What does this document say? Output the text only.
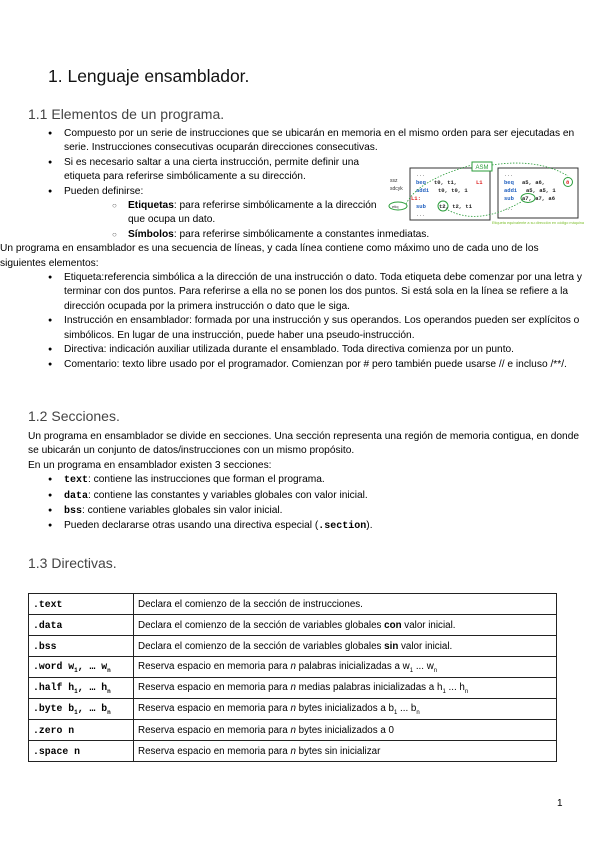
1. Lenguaje ensamblador.
1.1 Elementos de un programa.
● Compuesto por un serie de instrucciones que se ubicarán en memoria en el mismo orden para ser ejecutadas en serie. Instrucciones consecutivas ocuparán direcciones consecutivas.
● Si es necesario saltar a una cierta instrucción, permite definir una etiqueta para referirse simbólicamente a su dirección.
● Pueden definirse:
○ Etiquetas: para referirse simbólicamente a la dirección que ocupa un dato.
○ Símbolos: para referirse simbólicamente a constantes inmediatas.
Un programa en ensamblador es una secuencia de líneas, y cada línea contiene como máximo uno de cada uno de los siguientes elementos:
● Etiqueta:referencia simbólica a la dirección de una instrucción o dato. Toda etiqueta debe comenzar por una letra y terminar con dos puntos. Para referirse a ella no se ponen los dos puntos. Si está sola en la línea se refiere a la dirección ocupada por la primera instrucción o dato que le siga.
● Instrucción en ensamblador: formada por una instrucción y sus operandos. Los operandos pueden ser explícitos o simbólicos. En lugar de una instrucción, puede haber una pseudo-instrucción.
● Directiva: indicación auxiliar utilizada durante el ensamblado. Toda directiva comienza por un punto.
● Comentario: texto libre usado por el programador. Comienzan por # pero también puede usarse // e incluso /**/.
ASM
ssz
sdcyk
etiq
...
beq t0, t1,	L1
addi t0, t0, 1
L1:
sub t2, t2, t1
...
...
beq a5, a6,	8
addi a5, a5, 1
sub a7, a7, a6
...
Etiqueta equivalente a su dirección en código máquina
1.2 Secciones.
Un programa en ensamblador se divide en secciones. Una sección representa una región de memoria contigua, en donde se ubicarán un conjunto de datos/instrucciones con un mismo propósito.
En un programa en ensamblador existen 3 secciones:
● text: contiene las instrucciones que forman el programa.
● data: contiene las constantes y variables globales con valor inicial.
● bss: contiene variables globales sin valor inicial.
● Pueden declararse otras usando una directiva especial (.section).
1.3 Directivas.
.text	Declara el comienzo de la sección de instrucciones.
.data	Declara el comienzo de la sección de variables globales con valor inicial.
.bss	Declara el comienzo de la sección de variables globales sin valor inicial.
.word $w_1$, … $w_n$	Reserva espacio en memoria para n palabras inicializadas a $w_1$ ... $w_n$
.half $h_1$, … $h_n$	Reserva espacio en memoria para n medias palabras inicializadas a $h_1$ ... $h_n$
.byte $b_1$, … $b_n$	Reserva espacio en memoria para n bytes inicializados a $b_1$ ... $b_n$
.zero n	Reserva espacio en memoria para n bytes inicializados a 0
.space n	Reserva espacio en memoria para n bytes sin inicializar
1
